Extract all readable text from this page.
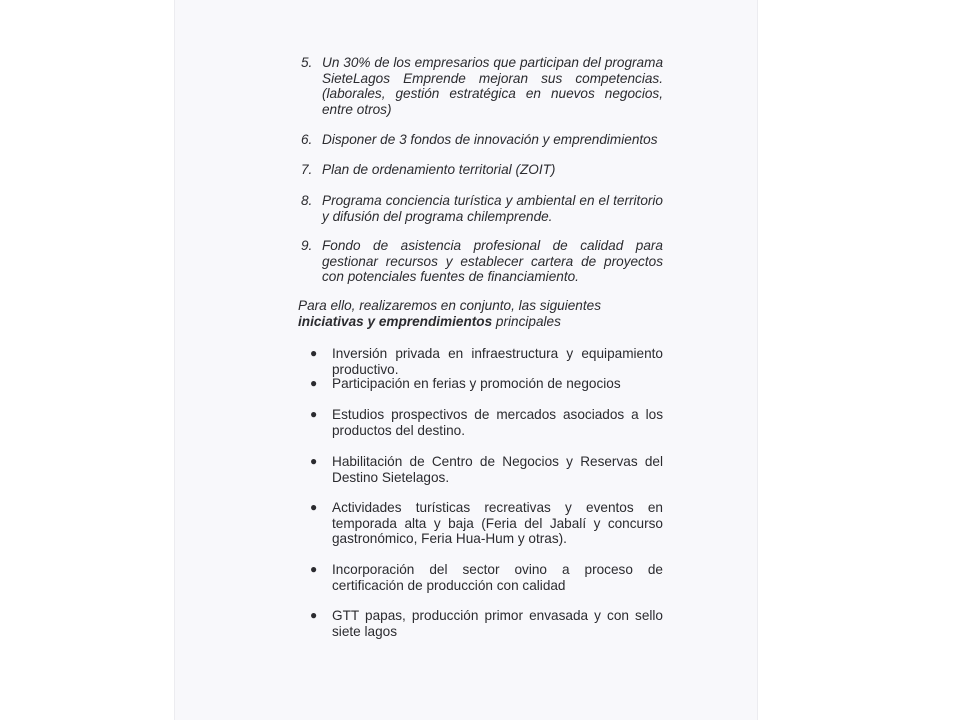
5. Un 30% de los empresarios que participan del programa SieteLagos Emprende mejoran sus competencias. (laborales, gestión estratégica en nuevos negocios, entre otros)
6. Disponer de 3 fondos de innovación y emprendimientos
7. Plan de ordenamiento territorial (ZOIT)
8. Programa conciencia turística y ambiental en el territorio y difusión del programa chilemprende.
9. Fondo de asistencia profesional de calidad para gestionar recursos y establecer cartera de proyectos con potenciales fuentes de financiamiento.
Para ello, realizaremos en conjunto, las siguientes iniciativas y emprendimientos principales
●	Inversión privada en infraestructura y equipamiento productivo.
●	Participación en ferias y promoción de negocios
●	Estudios prospectivos de mercados asociados a los productos del destino.
●	Habilitación de Centro de Negocios y Reservas del Destino Sietelagos.
●	Actividades turísticas recreativas y eventos en temporada alta y baja (Feria del Jabalí y concurso gastronómico, Feria Hua-Hum y otras).
●	Incorporación del sector ovino a proceso de certificación de producción con calidad
●	GTT papas, producción primor envasada y con sello siete lagos
